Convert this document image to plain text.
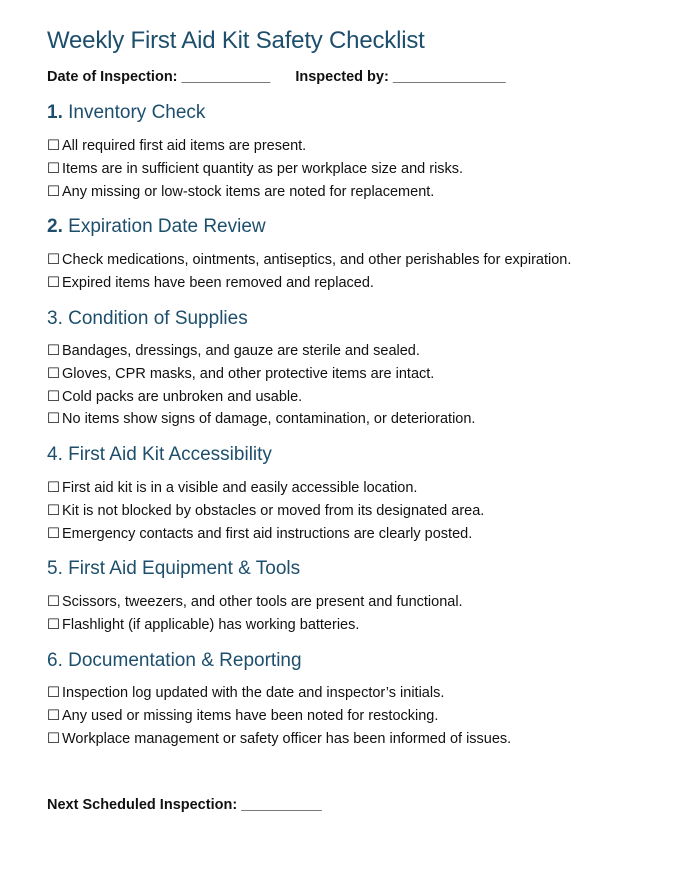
Weekly First Aid Kit Safety Checklist
Date of Inspection: ___________ Inspected by: ______________
1. Inventory Check
☐ All required first aid items are present.
☐ Items are in sufficient quantity as per workplace size and risks.
☐ Any missing or low-stock items are noted for replacement.
2. Expiration Date Review
☐ Check medications, ointments, antiseptics, and other perishables for expiration.
☐ Expired items have been removed and replaced.
3. Condition of Supplies
☐ Bandages, dressings, and gauze are sterile and sealed.
☐ Gloves, CPR masks, and other protective items are intact.
☐ Cold packs are unbroken and usable.
☐ No items show signs of damage, contamination, or deterioration.
4. First Aid Kit Accessibility
☐ First aid kit is in a visible and easily accessible location.
☐ Kit is not blocked by obstacles or moved from its designated area.
☐ Emergency contacts and first aid instructions are clearly posted.
5. First Aid Equipment & Tools
☐ Scissors, tweezers, and other tools are present and functional.
☐ Flashlight (if applicable) has working batteries.
6. Documentation & Reporting
☐ Inspection log updated with the date and inspector’s initials.
☐ Any used or missing items have been noted for restocking.
☐ Workplace management or safety officer has been informed of issues.
Next Scheduled Inspection: __________
